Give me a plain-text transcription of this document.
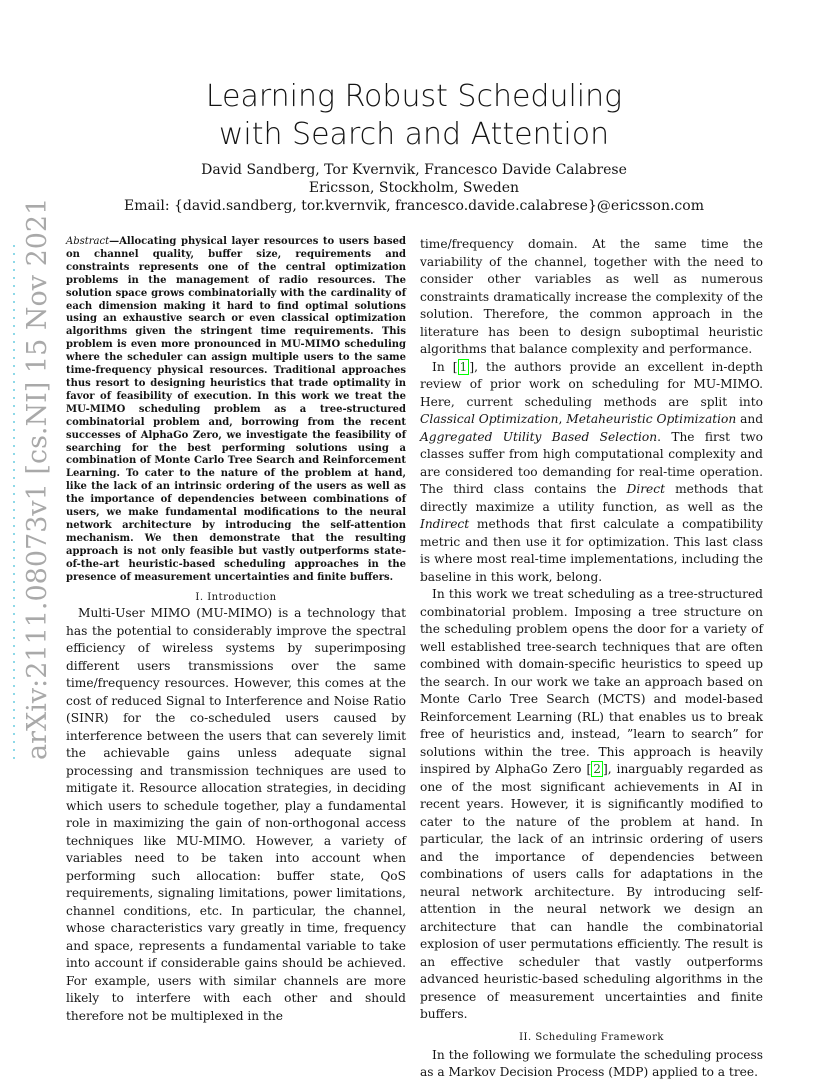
Learning Robust Scheduling
with Search and Attention
David Sandberg, Tor Kvernvik, Francesco Davide Calabrese
Ericsson, Stockholm, Sweden
Email: {david.sandberg, tor.kvernvik, francesco.davide.calabrese}@ericsson.com
arXiv:2111.08073v1 [cs.NI] 15 Nov 2021 Abstract—Allocating physical layer resources to users based on channel quality, buffer size, requirements and constraints represents one of the central optimization problems in the management of radio resources. The solution space grows combinatorially with the cardinality of each dimension making it hard to find optimal solutions using an exhaustive search or even classical optimization algorithms given the stringent time requirements. This problem is even more pronounced in MU-MIMO scheduling where the scheduler can assign multiple users to the same time-frequency physical resources. Traditional approaches thus resort to designing heuristics that trade optimality in favor of feasibility of execution. In this work we treat the MU-MIMO scheduling problem as a tree-structured combinatorial problem and, borrowing from the recent successes of AlphaGo Zero, we investigate the feasibility of searching for the best performing solutions using a combination of Monte Carlo Tree Search and Reinforcement Learning. To cater to the nature of the problem at hand, like the lack of an intrinsic ordering of the users as well as the importance of dependencies between combinations of users, we make fundamental modifications to the neural network architecture by introducing the self-attention mechanism. We then demonstrate that the resulting approach is not only feasible but vastly outperforms state-of-the-art heuristic-based scheduling approaches in the presence of measurement uncertainties and finite buffers.

I. Introduction

Multi-User MIMO (MU-MIMO) is a technology that has the potential to considerably improve the spectral efficiency of wireless systems by superimposing different users transmissions over the same time/frequency resources. However, this comes at the cost of reduced Signal to Interference and Noise Ratio (SINR) for the co-scheduled users caused by interference between the users that can severely limit the achievable gains unless adequate signal processing and transmission techniques are used to mitigate it. Resource allocation strategies, in deciding which users to schedule together, play a fundamental role in maximizing the gain of non-orthogonal access techniques like MU-MIMO. However, a variety of variables need to be taken into account when performing such allocation: buffer state, QoS requirements, signaling limitations, power limitations, channel conditions, etc. In particular, the channel, whose characteristics vary greatly in time, frequency and space, represents a fundamental variable to take into account if considerable gains should be achieved. For example, users with similar channels are more likely to interfere with each other and should therefore not be multiplexed in the

time/frequency domain. At the same time the variability of the channel, together with the need to consider other variables as well as numerous constraints dramatically increase the complexity of the solution. Therefore, the common approach in the literature has been to design suboptimal heuristic algorithms that balance complexity and performance.

In [ 1 ], the authors provide an excellent in-depth review of prior work on scheduling for MU-MIMO. Here, current scheduling methods are split into Classical Optimization, Metaheuristic Optimization and Aggregated Utility Based Selection. The first two classes suffer from high computational complexity and are considered too demanding for real-time operation. The third class contains the Direct methods that directly maximize a utility function, as well as the Indirect methods that first calculate a compatibility metric and then use it for optimization. This last class is where most real-time implementations, including the baseline in this work, belong.

In this work we treat scheduling as a tree-structured combinatorial problem. Imposing a tree structure on the scheduling problem opens the door for a variety of well established tree-search techniques that are often combined with domain-specific heuristics to speed up the search. In our work we take an approach based on Monte Carlo Tree Search (MCTS) and model-based Reinforcement Learning (RL) that enables us to break free of heuristics and, instead, ”learn to search” for solutions within the tree. This approach is heavily inspired by AlphaGo Zero [ 2 ], inarguably regarded as one of the most significant achievements in AI in recent years. However, it is significantly modified to cater to the nature of the problem at hand. In particular, the lack of an intrinsic ordering of users and the importance of dependencies between combinations of users calls for adaptations in the neural network architecture. By introducing self-attention in the neural network we design an architecture that can handle the combinatorial explosion of user permutations efficiently. The result is an effective scheduler that vastly outperforms advanced heuristic-based scheduling algorithms in the presence of measurement uncertainties and finite buffers.

II. Scheduling Framework

In the following we formulate the scheduling process as a Markov Decision Process (MDP) applied to a tree.
